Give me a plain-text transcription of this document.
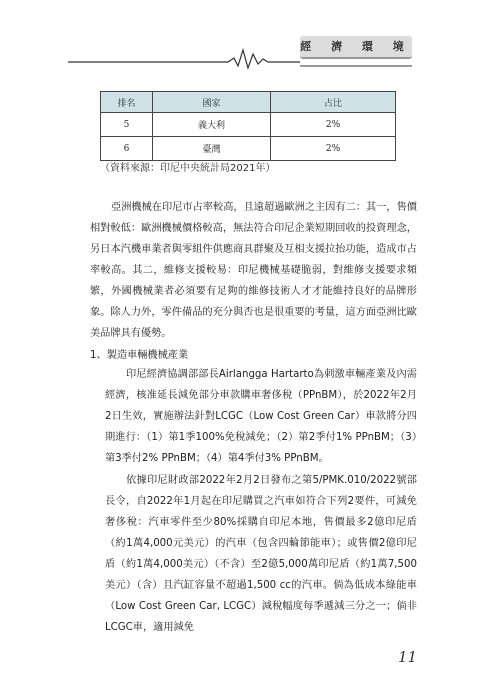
經 濟 環 境
排名	國家	占比
5	義大利	2%
6	臺灣	2%
（資料來源：印尼中央統計局2021年）

亞洲機械在印尼市占率較高，且遠超過歐洲之主因有二：其一，售價相對較低：歐洲機械價格較高，無法符合印尼企業短期回收的投資理念，另日本汽機車業者與零組件供應商具群聚及互相支援拉抬功能，造成市占率較高。其二，維修支援較易：印尼機械基礎脆弱，對維修支援要求頻繁，外國機械業者必須要有足夠的維修技術人才才能維持良好的品牌形象。除人力外，零件備品的充分與否也是很重要的考量，這方面亞洲比歐美品牌具有優勢。

1、製造車輛機械產業

印尼經濟協調部部長Airlangga Hartarto為刺激車輛產業及內需經濟，核准延長減免部分車款購車奢侈稅（PPnBM），於2022年2月2日生效，實施辦法針對LCGC（Low Cost Green Car）車款將分四期進行：（1）第1季100%免稅減免；（2）第2季付1% PPnBM；（3）第3季付2% PPnBM；（4）第4季付3% PPnBM。

依據印尼財政部2022年2月2日發布之第5/PMK.010/2022號部長令，自2022年1月起在印尼購買之汽車如符合下列2要件，可減免奢侈稅：汽車零件至少80%採購自印尼本地，售價最多2億印尼盾（約1萬4,000元美元）的汽車（包含四輪節能車）；或售價2億印尼盾（約1萬4,000美元）（不含）至2億5,000萬印尼盾（約1萬7,500美元）（含）且汽缸容量不超過1,500 cc的汽車。倘為低成本綠能車（Low Cost Green Car, LCGC）減稅幅度每季遞減三分之一；倘非LCGC車，適用減免

11
